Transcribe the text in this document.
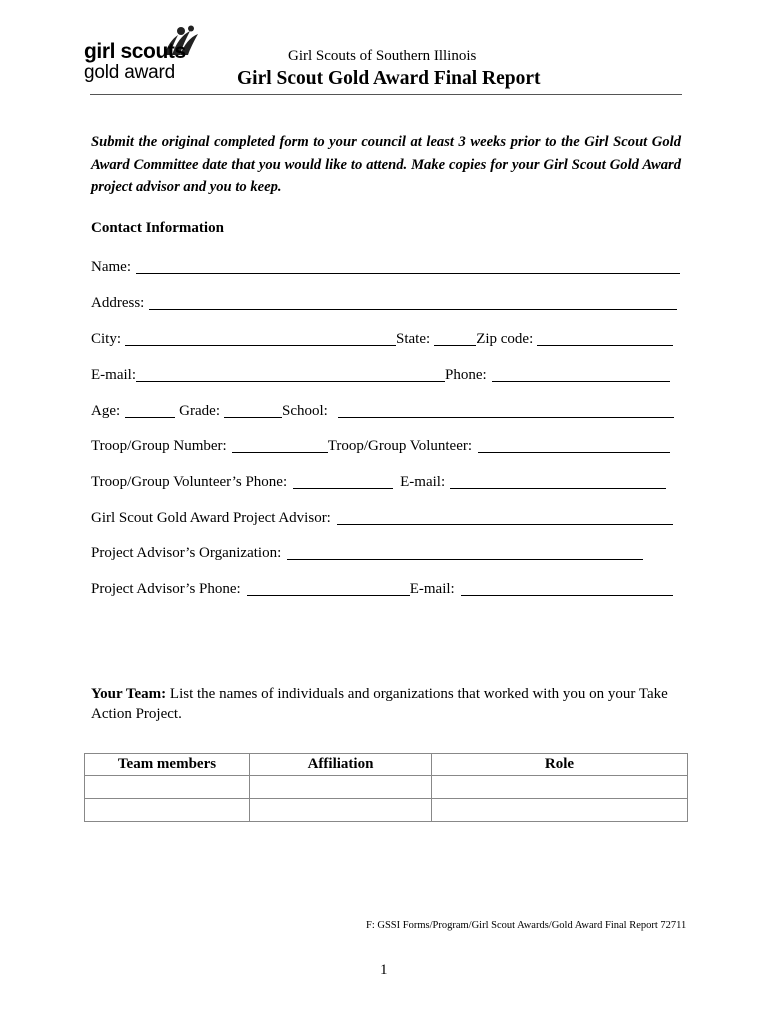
girl scouts
gold award
Girl Scouts of Southern Illinois
Girl Scout Gold Award Final Report
Submit the original completed form to your council at least 3 weeks prior to the Girl Scout Gold Award Committee date that you would like to attend. Make copies for your Girl Scout Gold Award project advisor and you to keep.
Contact Information
Name:
Address:
City:	State:	Zip code:
E-mail:	Phone:
Age:	Grade:	School:
Troop/Group Number:	Troop/Group Volunteer:
Troop/Group Volunteer’s Phone:	E-mail:
Girl Scout Gold Award Project Advisor:
Project Advisor’s Organization:
Project Advisor’s Phone:	E-mail:
Your Team: List the names of individuals and organizations that worked with you on your Take Action Project.
Team members	Affiliation	Role

F: GSSI Forms/Program/Girl Scout Awards/Gold Award Final Report 72711
1
